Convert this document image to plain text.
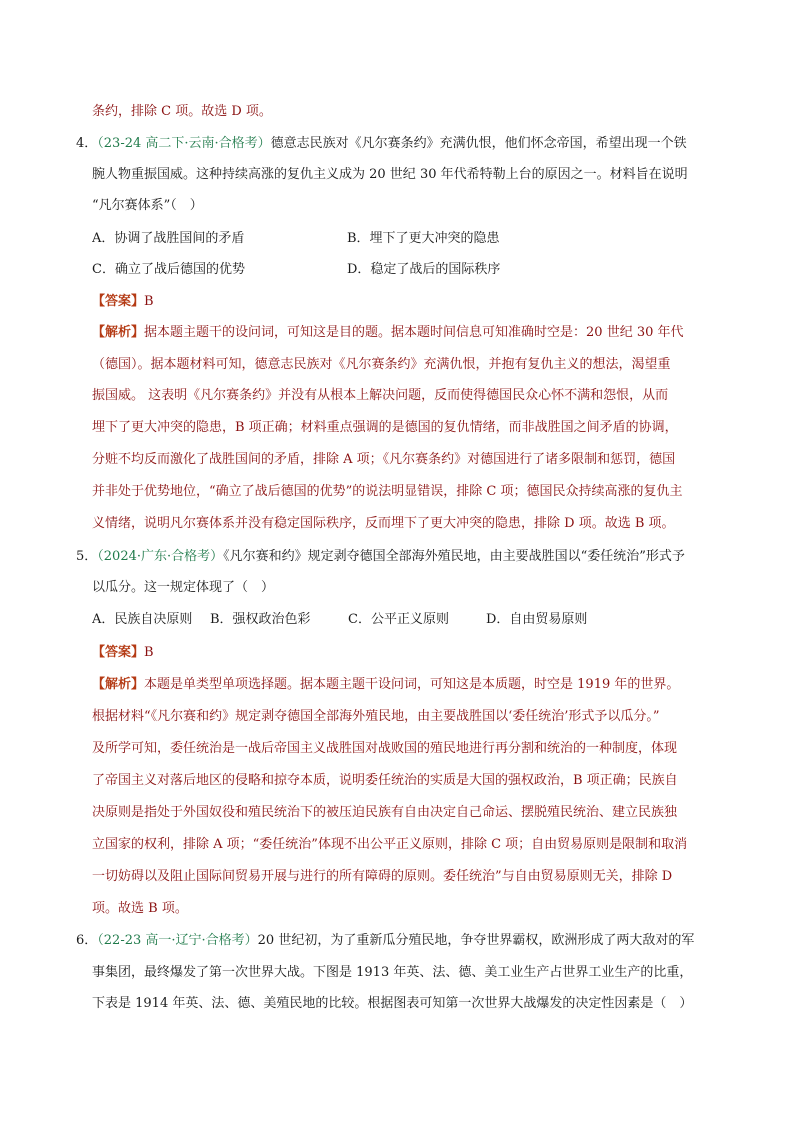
条约，排除 C 项。故选 D 项。
4．（23-24 高二下·云南·合格考）德意志民族对《凡尔赛条约》充满仇恨，他们怀念帝国，希望出现一个铁
腕人物重振国威。这种持续高涨的复仇主义成为 20 世纪 30 年代希特勒上台的原因之一。材料旨在说明
“凡尔赛体系”（　）
A．协调了战胜国间的矛盾	B．埋下了更大冲突的隐患
C．确立了战后德国的优势	D．稳定了战后的国际秩序
【答案】B
【解析】据本题主题干的设问词，可知这是目的题。据本题时间信息可知准确时空是：20 世纪 30 年代
（德国）。据本题材料可知，德意志民族对《凡尔赛条约》充满仇恨，并抱有复仇主义的想法，渴望重
振国威。 这表明《凡尔赛条约》并没有从根本上解决问题，反而使得德国民众心怀不满和怨恨，从而
埋下了更大冲突的隐患，B 项正确；材料重点强调的是德国的复仇情绪，而非战胜国之间矛盾的协调，
分赃不均反而激化了战胜国间的矛盾，排除 A 项；《凡尔赛条约》对德国进行了诸多限制和惩罚，德国
并非处于优势地位，“确立了战后德国的优势”的说法明显错误，排除 C 项；德国民众持续高涨的复仇主
义情绪，说明凡尔赛体系并没有稳定国际秩序，反而埋下了更大冲突的隐患，排除 D 项。故选 B 项。
5．（2024·广东·合格考）《凡尔赛和约》规定剥夺德国全部海外殖民地，由主要战胜国以“委任统治”形式予
以瓜分。这一规定体现了（　）
A．民族自决原则 B．强权政治色彩	C．公平正义原则	D．自由贸易原则
【答案】B
【解析】本题是单类型单项选择题。据本题主题干设问词，可知这是本质题，时空是 1919 年的世界。
根据材料“《凡尔赛和约》规定剥夺德国全部海外殖民地，由主要战胜国以‘委任统治’形式予以瓜分。”
及所学可知，委任统治是一战后帝国主义战胜国对战败国的殖民地进行再分割和统治的一种制度，体现
了帝国主义对落后地区的侵略和掠夺本质，说明委任统治的实质是大国的强权政治，B 项正确；民族自
决原则是指处于外国奴役和殖民统治下的被压迫民族有自由决定自己命运、摆脱殖民统治、建立民族独
立国家的权利，排除 A 项；“委任统治”体现不出公平正义原则，排除 C 项；自由贸易原则是限制和取消
一切妨碍以及阻止国际间贸易开展与进行的所有障碍的原则。委任统治”与自由贸易原则无关，排除 D
项。故选 B 项。
6．（22-23 高一·辽宁·合格考）20 世纪初，为了重新瓜分殖民地，争夺世界霸权，欧洲形成了两大敌对的军
事集团，最终爆发了第一次世界大战。下图是 1913 年英、法、德、美工业生产占世界工业生产的比重，
下表是 1914 年英、法、德、美殖民地的比较。根据图表可知第一次世界大战爆发的决定性因素是（　）
